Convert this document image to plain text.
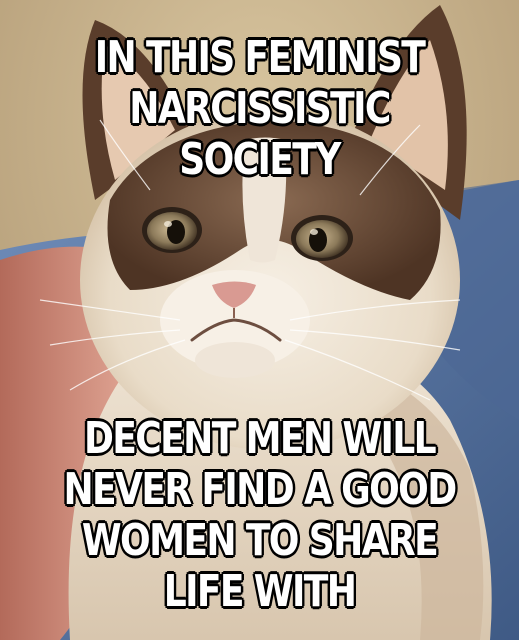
IN THIS FEMINIST
NARCISSISTIC
SOCIETY
DECENT MEN WILL
NEVER FIND A GOOD
WOMEN TO SHARE
LIFE WITH
